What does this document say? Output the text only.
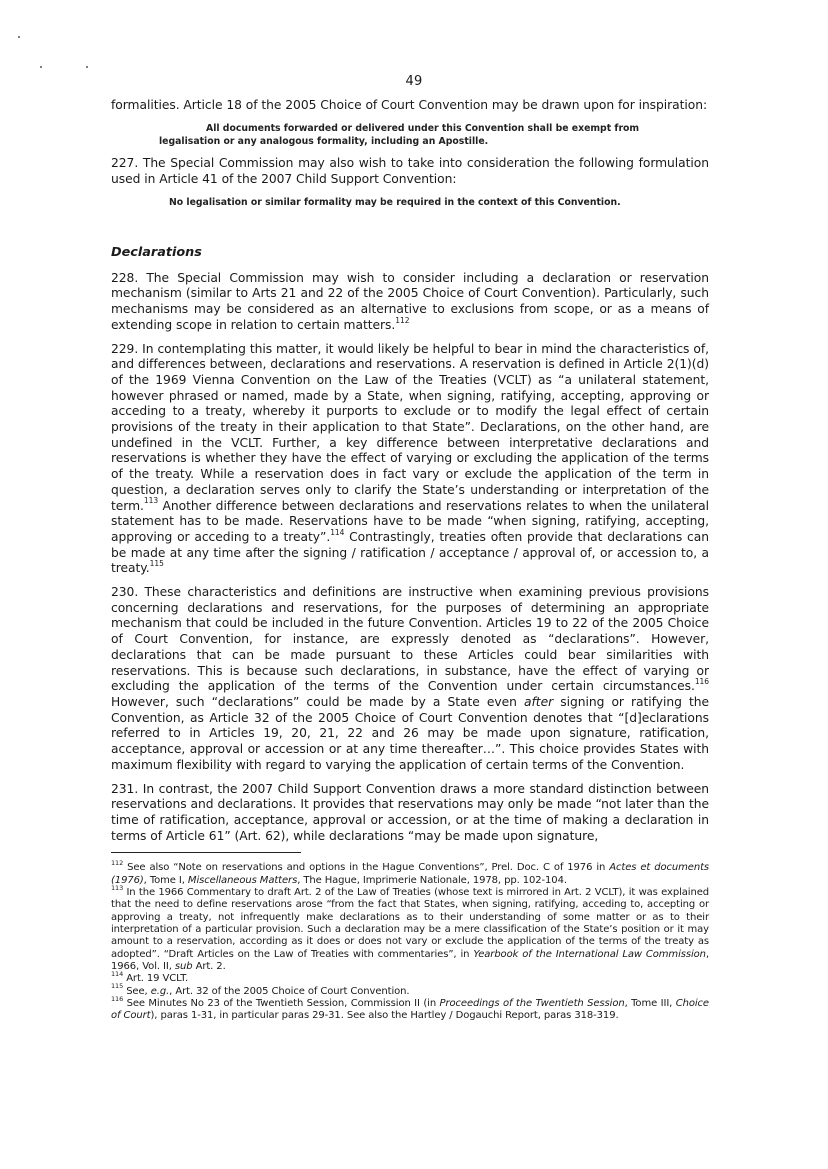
49

formalities. Article 18 of the 2005 Choice of Court Convention may be drawn upon for inspiration:

All documents forwarded or delivered under this Convention shall be exempt from

legalisation or any analogous formality, including an Apostille.

227. The Special Commission may also wish to take into consideration the following formulation used in Article 41 of the 2007 Child Support Convention:

No legalisation or similar formality may be required in the context of this Convention.

Declarations

228. The Special Commission may wish to consider including a declaration or reservation mechanism (similar to Arts 21 and 22 of the 2005 Choice of Court Convention). Particularly, such mechanisms may be considered as an alternative to exclusions from scope, or as a means of extending scope in relation to certain matters.$^{112}$

229. In contemplating this matter, it would likely be helpful to bear in mind the characteristics of, and differences between, declarations and reservations. A reservation is defined in Article 2(1)(d) of the 1969 Vienna Convention on the Law of the Treaties (VCLT) as “a unilateral statement, however phrased or named, made by a State, when signing, ratifying, accepting, approving or acceding to a treaty, whereby it purports to exclude or to modify the legal effect of certain provisions of the treaty in their application to that State”. Declarations, on the other hand, are undefined in the VCLT. Further, a key difference between interpretative declarations and reservations is whether they have the effect of varying or excluding the application of the terms of the treaty. While a reservation does in fact vary or exclude the application of the term in question, a declaration serves only to clarify the State’s understanding or interpretation of the term.$^{113}$ Another difference between declarations and reservations relates to when the unilateral statement has to be made. Reservations have to be made “when signing, ratifying, accepting, approving or acceding to a treaty”.$^{114}$ Contrastingly, treaties often provide that declarations can be made at any time after the signing / ratification / acceptance / approval of, or accession to, a treaty.$^{115}$

230. These characteristics and definitions are instructive when examining previous provisions concerning declarations and reservations, for the purposes of determining an appropriate mechanism that could be included in the future Convention. Articles 19 to 22 of the 2005 Choice of Court Convention, for instance, are expressly denoted as “declarations”. However, declarations that can be made pursuant to these Articles could bear similarities with reservations. This is because such declarations, in substance, have the effect of varying or excluding the application of the terms of the Convention under certain circumstances.$^{116}$ However, such “declarations” could be made by a State even after signing or ratifying the Convention, as Article 32 of the 2005 Choice of Court Convention denotes that “[d]eclarations referred to in Articles 19, 20, 21, 22 and 26 may be made upon signature, ratification, acceptance, approval or accession or at any time thereafter…”. This choice provides States with maximum flexibility with regard to varying the application of certain terms of the Convention.

231. In contrast, the 2007 Child Support Convention draws a more standard distinction between reservations and declarations. It provides that reservations may only be made “not later than the time of ratification, acceptance, approval or accession, or at the time of making a declaration in terms of Article 61” (Art. 62), while declarations “may be made upon signature,

$^{112}$ See also “Note on reservations and options in the Hague Conventions”, Prel. Doc. C of 1976 in Actes et documents (1976), Tome I, Miscellaneous Matters, The Hague, Imprimerie Nationale, 1978, pp. 102-104.

$^{113}$ In the 1966 Commentary to draft Art. 2 of the Law of Treaties (whose text is mirrored in Art. 2 VCLT), it was explained that the need to define reservations arose “from the fact that States, when signing, ratifying, acceding to, accepting or approving a treaty, not infrequently make declarations as to their understanding of some matter or as to their interpretation of a particular provision. Such a declaration may be a mere classification of the State’s position or it may amount to a reservation, according as it does or does not vary or exclude the application of the terms of the treaty as adopted”. “Draft Articles on the Law of Treaties with commentaries”, in Yearbook of the International Law Commission, 1966, Vol. II, sub Art. 2.

$^{114}$ Art. 19 VCLT.

$^{115}$ See, e.g., Art. 32 of the 2005 Choice of Court Convention.

$^{116}$ See Minutes No 23 of the Twentieth Session, Commission II (in Proceedings of the Twentieth Session, Tome III, Choice of Court), paras 1-31, in particular paras 29-31. See also the Hartley / Dogauchi Report, paras 318-319.
